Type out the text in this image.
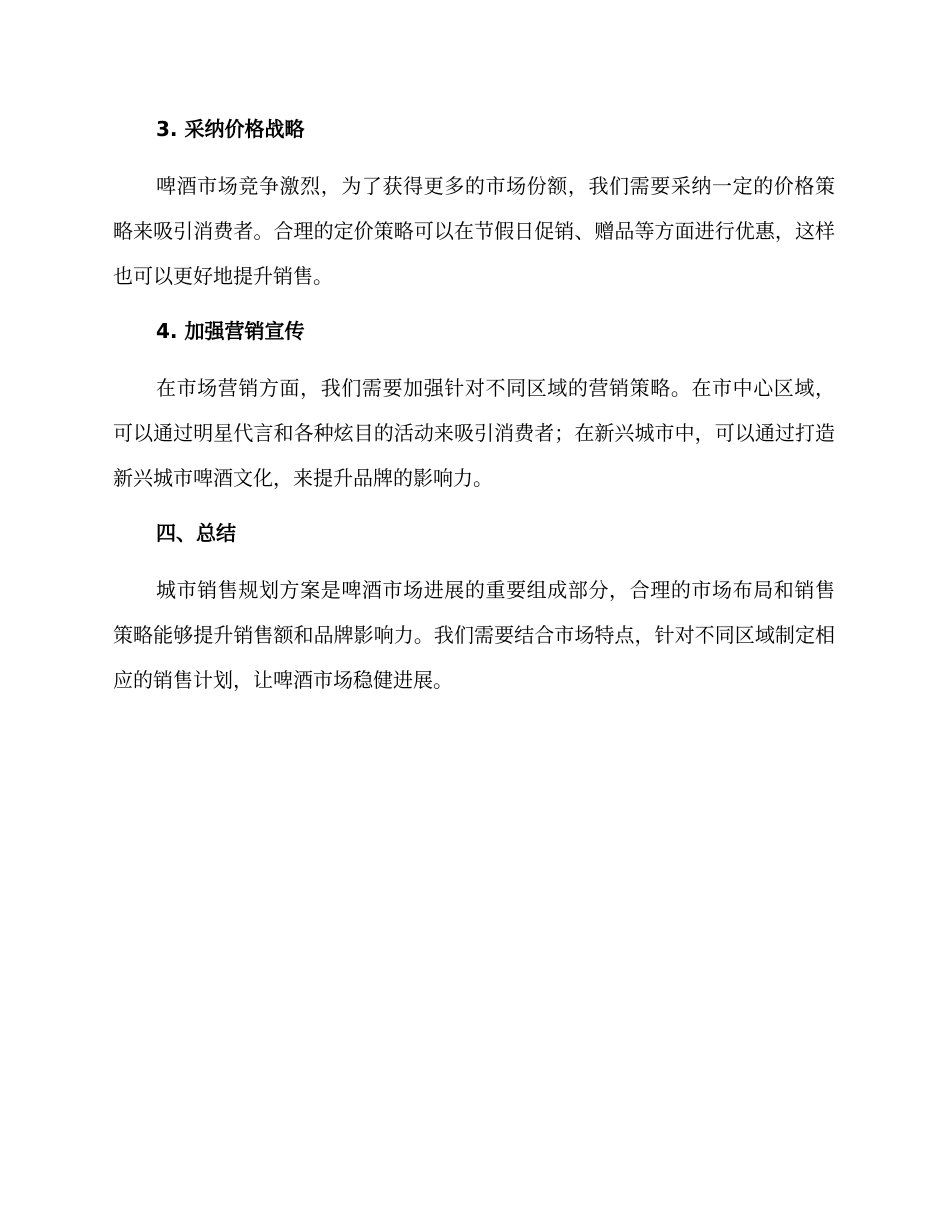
3. 采纳价格战略

啤酒市场竞争激烈，为了获得更多的市场份额，我们需要采纳一定的价格策略来吸引消费者。合理的定价策略可以在节假日促销、赠品等方面进行优惠，这样也可以更好地提升销售。

4. 加强营销宣传

在市场营销方面，我们需要加强针对不同区域的营销策略。在市中心区域，可以通过明星代言和各种炫目的活动来吸引消费者；在新兴城市中，可以通过打造新兴城市啤酒文化，来提升品牌的影响力。

四、总结

城市销售规划方案是啤酒市场进展的重要组成部分，合理的市场布局和销售策略能够提升销售额和品牌影响力。我们需要结合市场特点，针对不同区域制定相应的销售计划，让啤酒市场稳健进展。
